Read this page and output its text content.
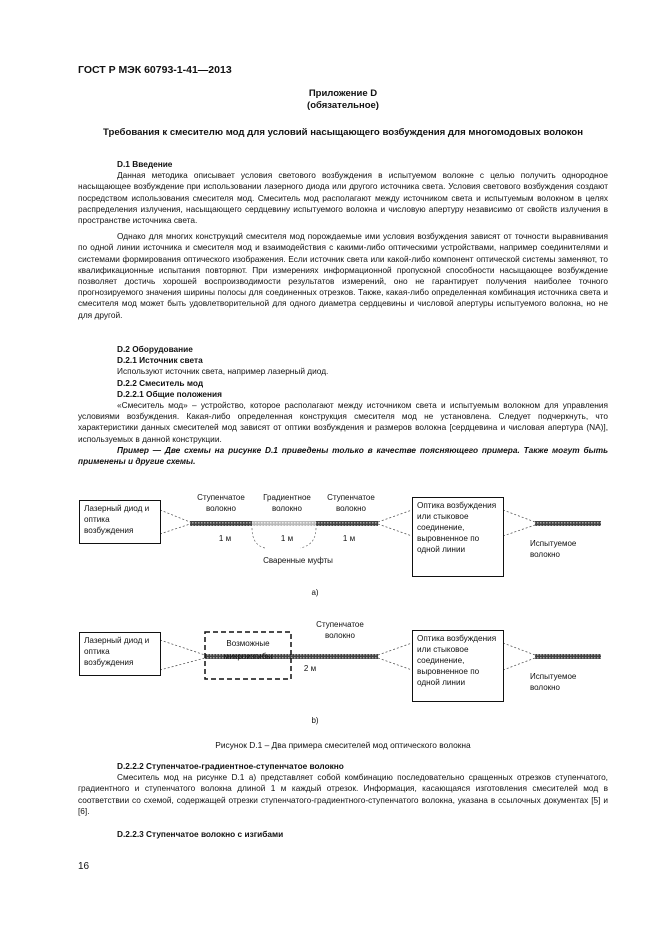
ГОСТ Р МЭК 60793-1-41—2013
Приложение D
(обязательное)
Требования к смесителю мод для условий насыщающего возбуждения для многомодовых волокон
D.1 Введение

Данная методика описывает условия светового возбуждения в испытуемом волокне с целью получить однородное насыщающее возбуждение при использовании лазерного диода или другого источника света. Условия светового возбуждения создают посредством использования смесителя мод. Смеситель мод располагают между источником света и испытуемым волокном в целях распределения излучения, насыщающего сердцевину испытуемого волокна и числовую апертуру независимо от свойств излучения в пространстве источника света.

Однако для многих конструкций смесителя мод порождаемые ими условия возбуждения зависят от точности выравнивания по одной линии источника и смесителя мод и взаимодействия с какими-либо оптическими устройствами, например соединителями и системами формирования оптического изображения. Если источник света или какой-либо компонент оптической системы заменяют, то квалификационные испытания повторяют. При измерениях информационной пропускной способности насыщающее возбуждение позволяет достичь хорошей воспроизводимости результатов измерений, оно не гарантирует получения наиболее точного прогнозируемого значения ширины полосы для соединенных отрезков. Также, какая-либо определенная комбинация источника света и смесителя мод может быть удовлетворительной для одного диаметра сердцевины и числовой апертуры испытуемого волокна, но не для другой.

D.2 Оборудование
D.2.1 Источник света

Используют источник света, например лазерный диод.

D.2.2 Смеситель мод
D.2.2.1 Общие положения

«Смеситель мод» – устройство, которое располагают между источником света и испытуемым волокном для управления условиями возбуждения. Какая-либо определенная конструкция смесителя мод не установлена. Следует подчеркнуть, что характеристики данных смесителей мод зависят от оптики возбуждения и размеров волокна [сердцевина и числовая апертура (NA)], используемых в данной конструкции.

Пример — Две схемы на рисунке D.1 приведены только в качестве поясняющего примера. Также могут быть применены и другие схемы.

Лазерный диод и оптика возбуждения
Ступенчатое волокно
Градиентное волокно
Ступенчатое волокно
1 м	1 м	1 м
Сваренные муфты
Оптика возбуждения или стыковое соединение, выровненное по одной линии
Испытуемое волокно
а)
Лазерный диод и оптика возбуждения
Ступенчатое волокно
Возможные микроизгибы
2 м
Оптика возбуждения или стыковое соединение, выровненное по одной линии
Испытуемое волокно
b)
Рисунок D.1 – Два примера смесителей мод оптического волокна
D.2.2.2 Ступенчатое-градиентное-ступенчатое волокно

Смеситель мод на рисунке D.1 а) представляет собой комбинацию последовательно сращенных отрезков ступенчатого, градиентного и ступенчатого волокна длиной 1 м каждый отрезок. Информация, касающаяся изготовления смесителей мод в соответствии со схемой, содержащей отрезки ступенчатого-градиентного-ступенчатого волокна, указана в ссылочных документах [5] и [6].

D.2.2.3 Ступенчатое волокно с изгибами
16
